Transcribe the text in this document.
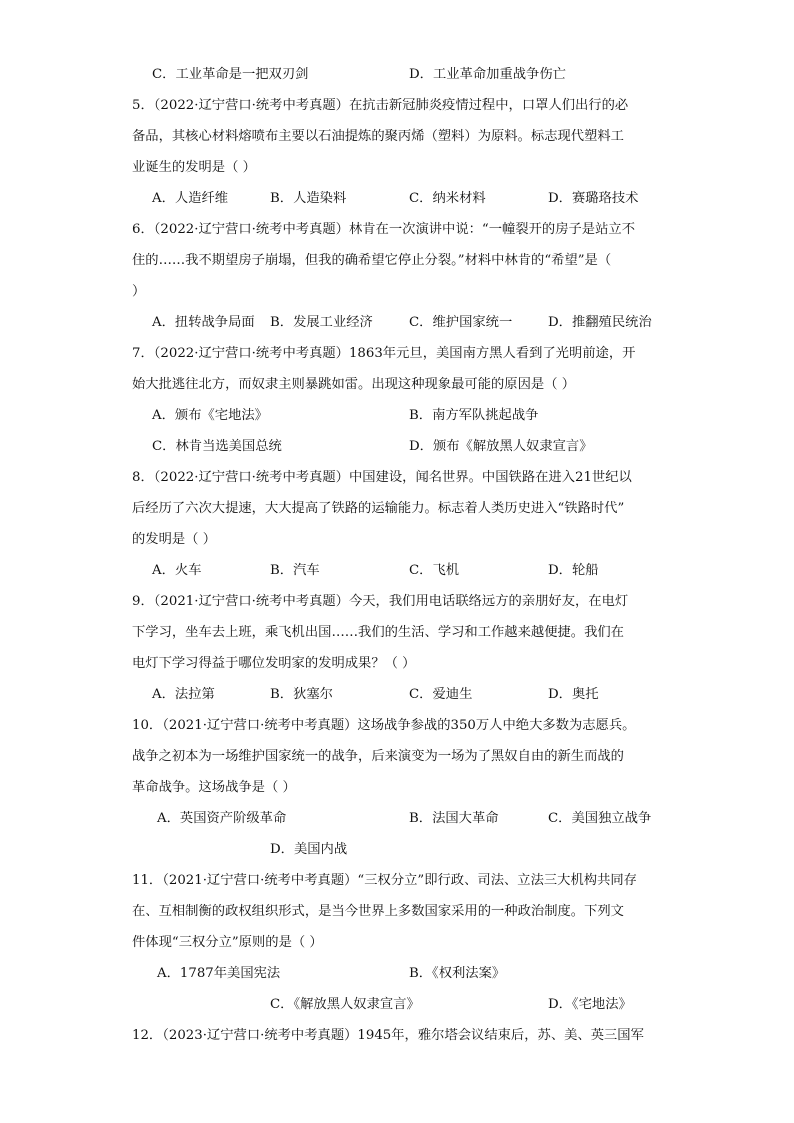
C．工业革命是一把双刃剑	D．工业革命加重战争伤亡
5．（2022·辽宁营口·统考中考真题）在抗击新冠肺炎疫情过程中，口罩人们出行的必
备品，其核心材料熔喷布主要以石油提炼的聚丙烯（塑料）为原料。标志现代塑料工
业诞生的发明是（ ）
A．人造纤维	B．人造染料	C．纳米材料	D．赛璐珞技术
6．（2022·辽宁营口·统考中考真题）林肯在一次演讲中说：“一幢裂开的房子是站立不
住的……我不期望房子崩塌，但我的确希望它停止分裂。”材料中林肯的“希望”是（
）
A．扭转战争局面 B．发展工业经济	C．维护国家统一	D．推翻殖民统治
7．（2022·辽宁营口·统考中考真题）1863年元旦，美国南方黑人看到了光明前途，开
始大批逃往北方，而奴隶主则暴跳如雷。出现这种现象最可能的原因是（ ）
A．颁布《宅地法》	B．南方军队挑起战争
C．林肯当选美国总统	D．颁布《解放黑人奴隶宣言》
8．（2022·辽宁营口·统考中考真题）中国建设，闻名世界。中国铁路在进入21世纪以
后经历了六次大提速，大大提高了铁路的运输能力。标志着人类历史进入“铁路时代”
的发明是（ ）
A．火车	B．汽车	C．飞机	D．轮船
9．（2021·辽宁营口·统考中考真题）今天，我们用电话联络远方的亲朋好友，在电灯
下学习，坐车去上班，乘飞机出国……我们的生活、学习和工作越来越便捷。我们在
电灯下学习得益于哪位发明家的发明成果？（ ）
A．法拉第	B．狄塞尔	C．爱迪生	D．奥托
10．（2021·辽宁营口·统考中考真题）这场战争参战的350万人中绝大多数为志愿兵。
战争之初本为一场维护国家统一的战争，后来演变为一场为了黑奴自由的新生而战的
革命战争。这场战争是（ ）
A．英国资产阶级革命	B．法国大革命	C．美国独立战争
D．美国内战
11．（2021·辽宁营口·统考中考真题）“三权分立”即行政、司法、立法三大机构共同存
在、互相制衡的政权组织形式，是当今世界上多数国家采用的一种政治制度。下列文
件体现“三权分立”原则的是（ ）
A．1787年美国宪法	B．《权利法案》
C．《解放黑人奴隶宣言》	D．《宅地法》
12．（2023·辽宁营口·统考中考真题）1945年，雅尔塔会议结束后，苏、美、英三国军
